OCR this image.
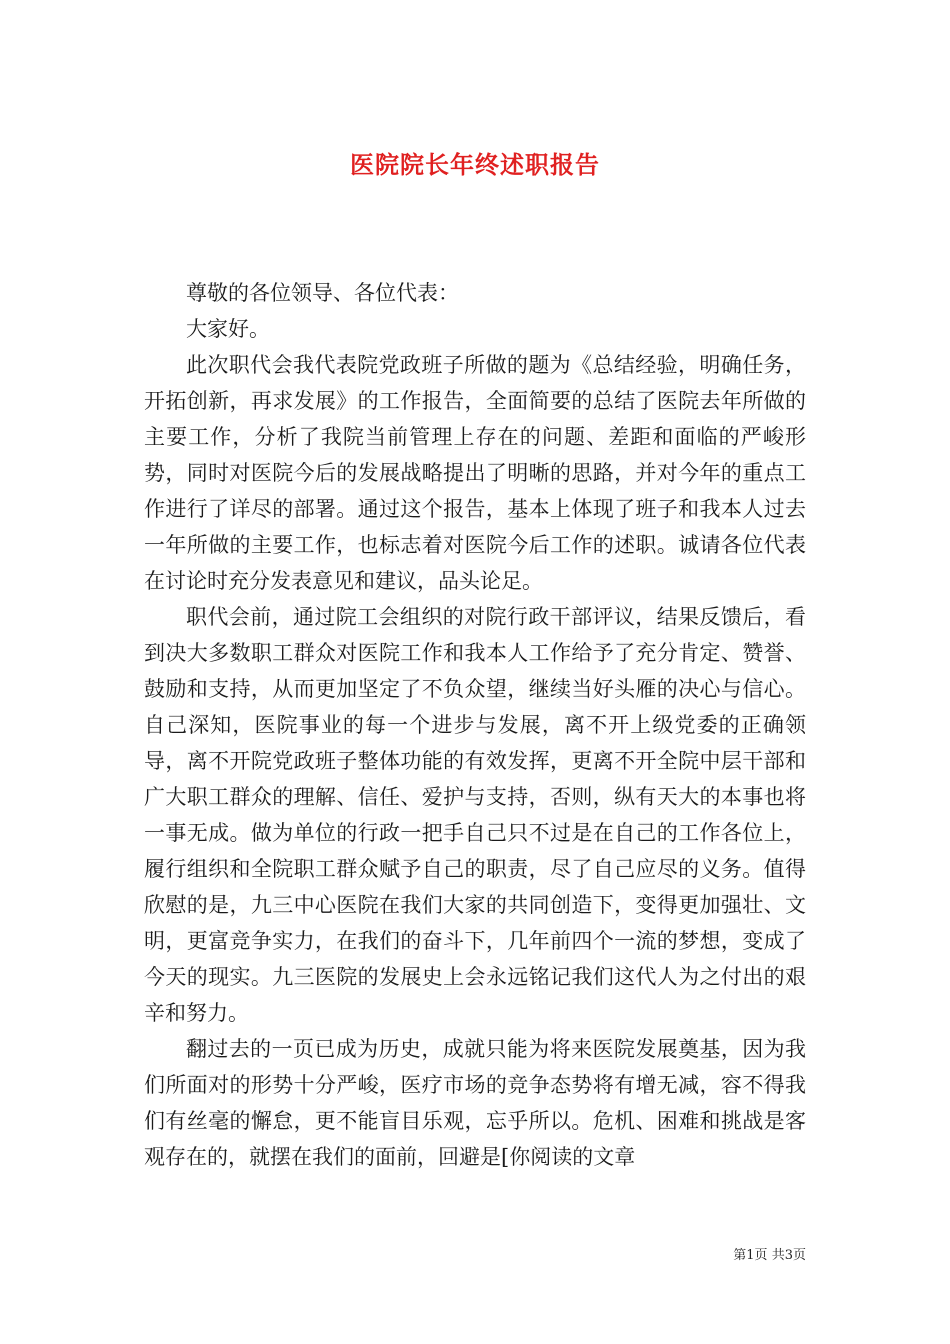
医院院长年终述职报告

尊敬的各位领导、各位代表：

大家好。

此次职代会我代表院党政班子所做的题为《总结经验，明确任务，开拓创新，再求发展》的工作报告，全面简要的总结了医院去年所做的主要工作，分析了我院当前管理上存在的问题、差距和面临的严峻形势，同时对医院今后的发展战略提出了明晰的思路，并对今年的重点工作进行了详尽的部署。通过这个报告，基本上体现了班子和我本人过去一年所做的主要工作，也标志着对医院今后工作的述职。诚请各位代表在讨论时充分发表意见和建议，品头论足。

职代会前，通过院工会组织的对院行政干部评议，结果反馈后，看到决大多数职工群众对医院工作和我本人工作给予了充分肯定、赞誉、鼓励和支持，从而更加坚定了不负众望，继续当好头雁的决心与信心。自己深知，医院事业的每一个进步与发展，离不开上级党委的正确领导，离不开院党政班子整体功能的有效发挥，更离不开全院中层干部和广大职工群众的理解、信任、爱护与支持，否则，纵有天大的本事也将一事无成。做为单位的行政一把手自己只不过是在自己的工作各位上，履行组织和全院职工群众赋予自己的职责，尽了自己应尽的义务。值得欣慰的是，九三中心医院在我们大家的共同创造下，变得更加强壮、文明，更富竞争实力，在我们的奋斗下，几年前四个一流的梦想，变成了今天的现实。九三医院的发展史上会永远铭记我们这代人为之付出的艰辛和努力。

翻过去的一页已成为历史，成就只能为将来医院发展奠基，因为我们所面对的形势十分严峻，医疗市场的竞争态势将有增无减，容不得我们有丝毫的懈怠，更不能盲目乐观，忘乎所以。危机、困难和挑战是客观存在的，就摆在我们的面前，回避是[你阅读的文章

第1页 共3页
